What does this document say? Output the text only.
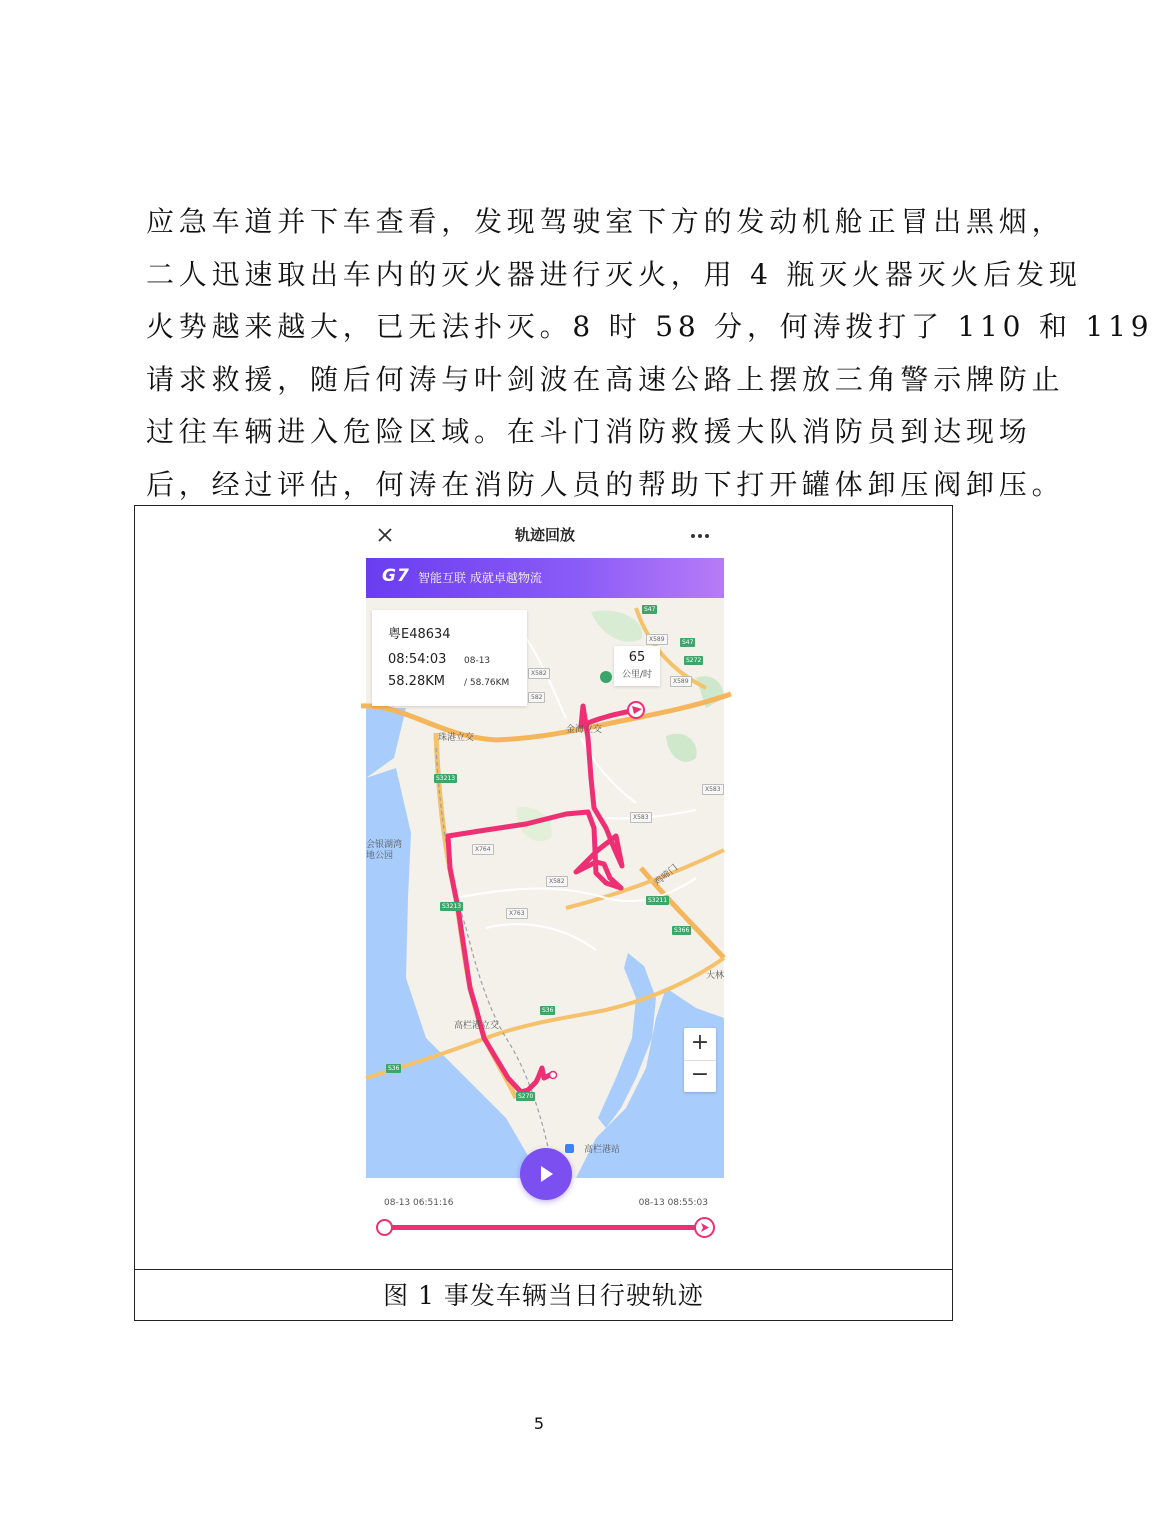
应急车道并下车查看，发现驾驶室下方的发动机舱正冒出黑烟，
二人迅速取出车内的灭火器进行灭火，用 4 瓶灭火器灭火后发现
火势越来越大，已无法扑灭。8 时 58 分，何涛拨打了 110 和 119
请求救援，随后何涛与叶剑波在高速公路上摆放三角警示牌防止
过往车辆进入危险区域。在斗门消防救援大队消防员到达现场
后，经过评估，何涛在消防人员的帮助下打开罐体卸压阀卸压。
轨迹回放
G7 智能互联 成就卓越物流
珠港立交
会银湖湾地公园
金海立交
鸡啼门
高栏港立交
高栏港站
大林
S47
X589	S47
S272
X582
X589
582
S3213
X583
X583
X764
X582
S3213
X763
S3211
S366
S36
S36
S270
粤E48634
08:54:03 08-13
58.28KM / 58.76KM
65
公里/时
+
−
08-13 06:51:16	08-13 08:55:03
图 1 事发车辆当日行驶轨迹
5
